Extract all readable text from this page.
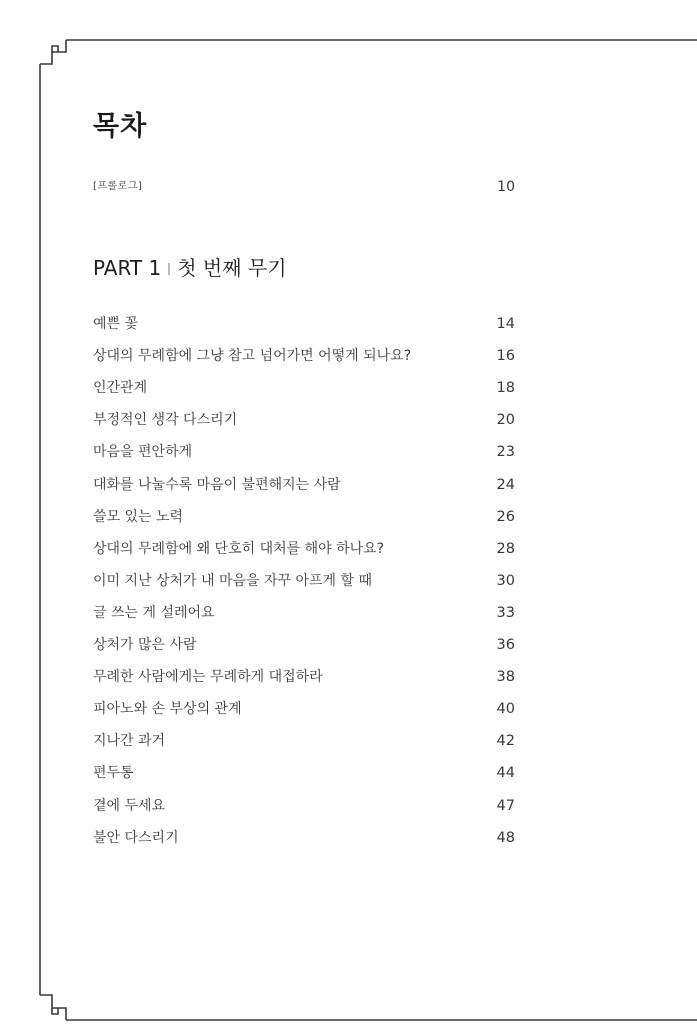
목차
[프롤로그]	10
PART 1 첫 번째 무기
예쁜 꽃	14
상대의 무례함에 그냥 참고 넘어가면 어떻게 되나요?	16
인간관계	18
부정적인 생각 다스리기	20
마음을 편안하게	23
대화를 나눌수록 마음이 불편해지는 사람	24
쓸모 있는 노력	26
상대의 무례함에 왜 단호히 대처를 해야 하나요?	28
이미 지난 상처가 내 마음을 자꾸 아프게 할 때	30
글 쓰는 게 설레어요	33
상처가 많은 사람	36
무례한 사람에게는 무례하게 대접하라	38
피아노와 손 부상의 관계	40
지나간 과거	42
편두통	44
곁에 두세요	47
불안 다스리기	48
